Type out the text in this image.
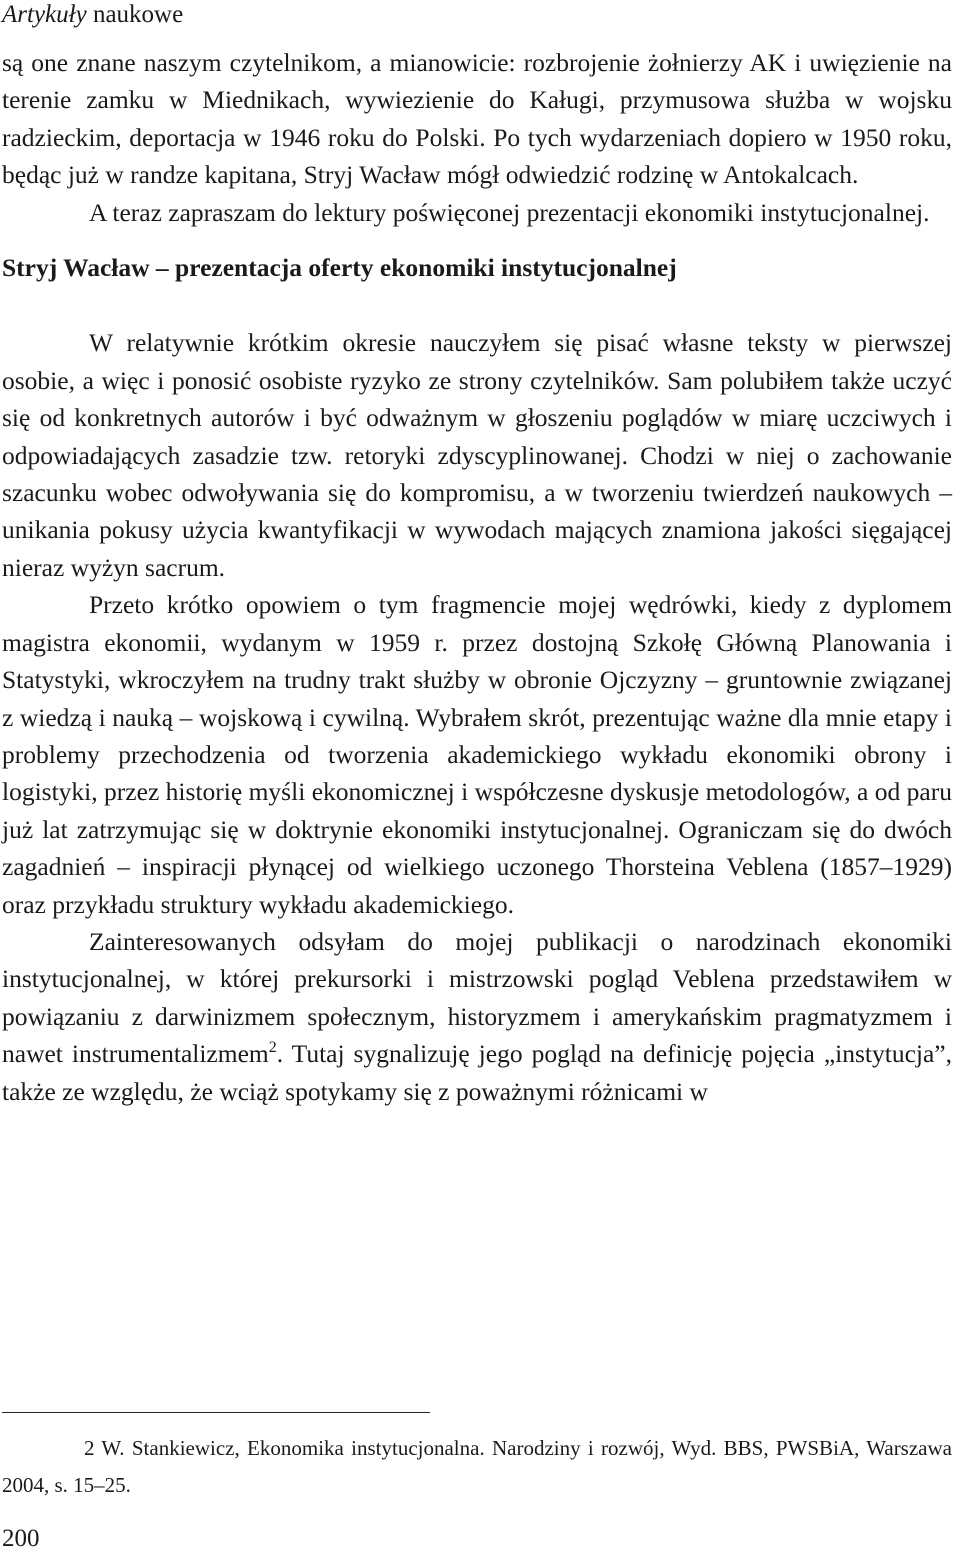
Artykuły naukowe

są one znane naszym czytelnikom, a mianowicie: rozbrojenie żołnierzy AK i uwięzienie na terenie zamku w Miednikach, wywiezienie do Kaługi, przymusowa służba w wojsku radzieckim, deportacja w 1946 roku do Polski. Po tych wydarzeniach dopiero w 1950 roku, będąc już w randze kapitana, Stryj Wacław mógł odwiedzić rodzinę w Antokalcach.

A teraz zapraszam do lektury poświęconej prezentacji ekonomiki instytucjonalnej.

Stryj Wacław – prezentacja oferty ekonomiki instytucjonalnej

W relatywnie krótkim okresie nauczyłem się pisać własne teksty w pierwszej osobie, a więc i ponosić osobiste ryzyko ze strony czytelników. Sam polubiłem także uczyć się od konkretnych autorów i być odważnym w głoszeniu poglądów w miarę uczciwych i odpowiadających zasadzie tzw. retoryki zdyscyplinowanej. Chodzi w niej o zachowanie szacunku wobec odwoływania się do kompromisu, a w tworzeniu twierdzeń naukowych – unikania pokusy użycia kwantyfikacji w wywodach mających znamiona jakości sięgającej nieraz wyżyn sacrum.

Przeto krótko opowiem o tym fragmencie mojej wędrówki, kiedy z dyplomem magistra ekonomii, wydanym w 1959 r. przez dostojną Szkołę Główną Planowania i Statystyki, wkroczyłem na trudny trakt służby w obronie Ojczyzny – gruntownie związanej z wiedzą i nauką – wojskową i cywilną. Wybrałem skrót, prezentując ważne dla mnie etapy i problemy przechodzenia od tworzenia akademickiego wykładu ekonomiki obrony i logistyki, przez historię myśli ekonomicznej i współczesne dyskusje metodologów, a od paru już lat zatrzymując się w doktrynie ekonomiki instytucjonalnej. Ograniczam się do dwóch zagadnień – inspiracji płynącej od wielkiego uczonego Thorsteina Veblena (1857–1929) oraz przykładu struktury wykładu akademickiego.

Zainteresowanych odsyłam do mojej publikacji o narodzinach ekonomiki instytucjonalnej, w której prekursorki i mistrzowski pogląd Veblena przedstawiłem w powiązaniu z darwinizmem społecznym, historyzmem i amerykańskim pragmatyzmem i nawet instrumentalizmem$^2$. Tutaj sygnalizuję jego pogląd na definicję pojęcia „instytucja”, także ze względu, że wciąż spotykamy się z poważnymi różnicami w

2 W. Stankiewicz, Ekonomika instytucjonalna. Narodziny i rozwój, Wyd. BBS, PWSBiA, Warszawa 2004, s. 15–25.
200
